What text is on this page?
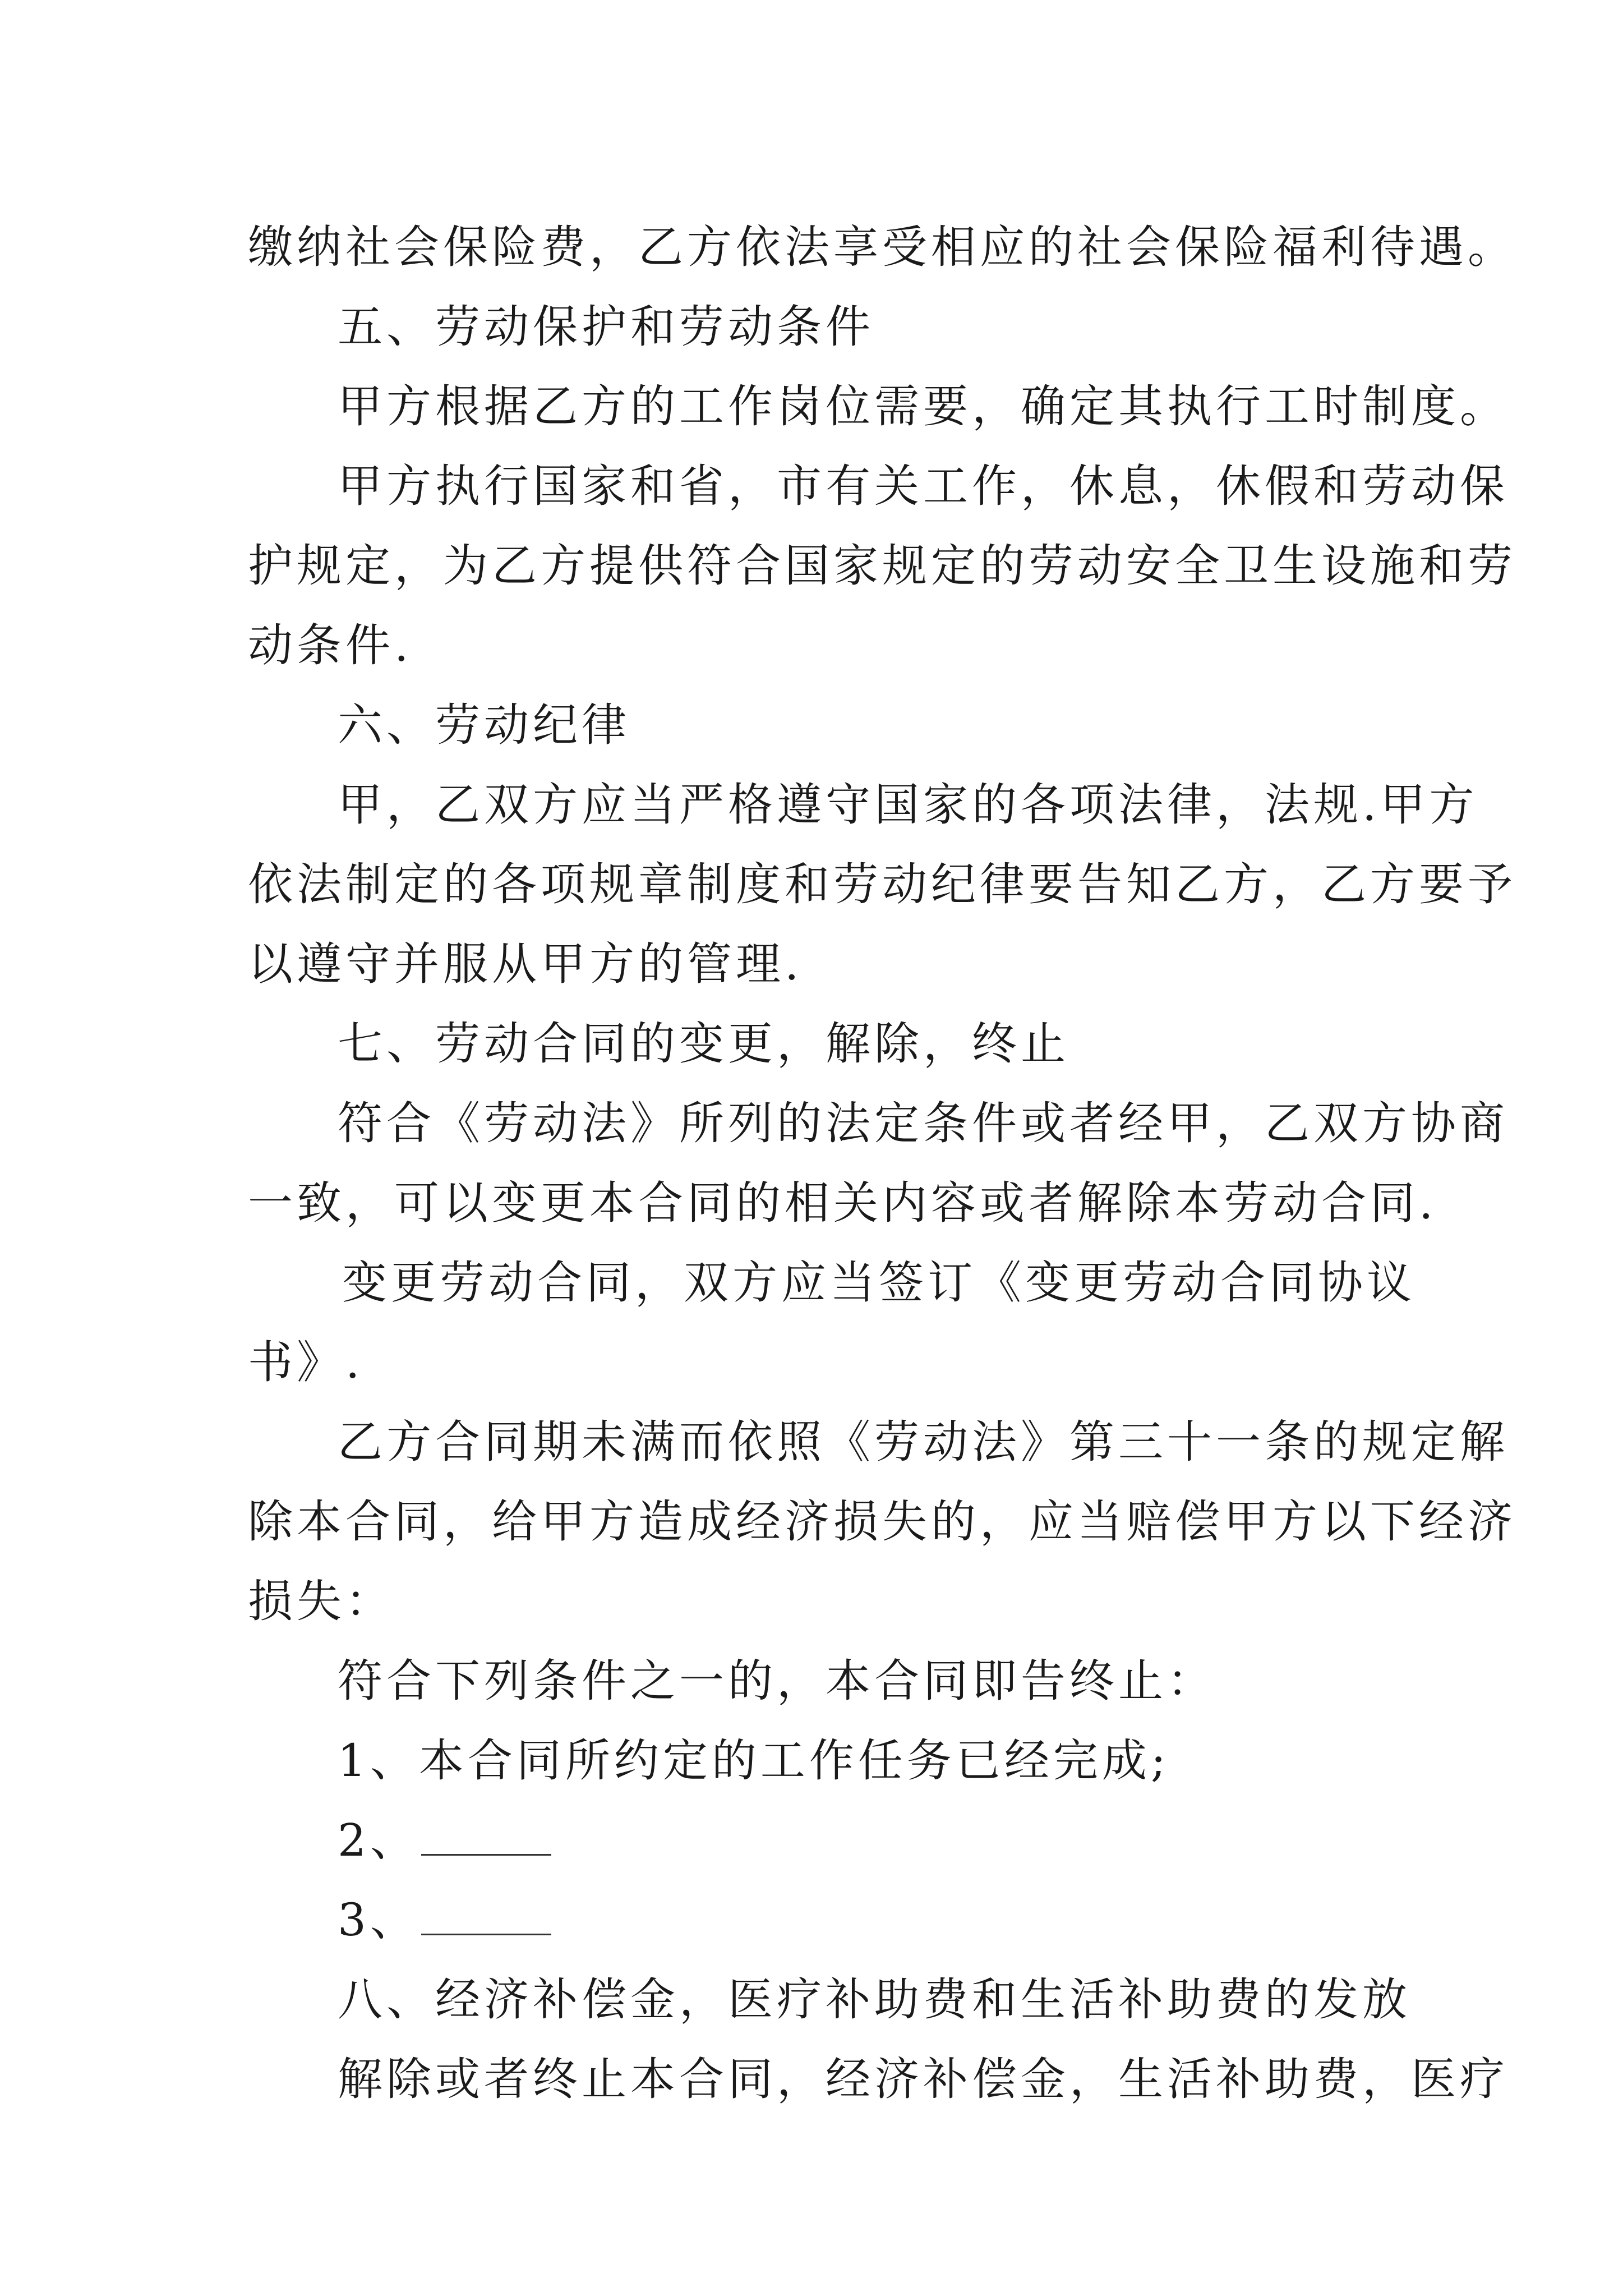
缴纳社会保险费，乙方依法享受相应的社会保险福利待遇。
五、劳动保护和劳动条件
甲方根据乙方的工作岗位需要，确定其执行工时制度。
甲方执行国家和省，市有关工作，休息，休假和劳动保
护规定，为乙方提供符合国家规定的劳动安全卫生设施和劳
动条件.
六、劳动纪律
甲，乙双方应当严格遵守国家的各项法律，法规.甲方
依法制定的各项规章制度和劳动纪律要告知乙方，乙方要予
以遵守并服从甲方的管理.
七、劳动合同的变更，解除，终止
符合《劳动法》所列的法定条件或者经甲，乙双方协商
一致，可以变更本合同的相关内容或者解除本劳动合同.
变更劳动合同，双方应当签订《变更劳动合同协议
书》.
乙方合同期未满而依照《劳动法》第三十一条的规定解
除本合同，给甲方造成经济损失的，应当赔偿甲方以下经济
损失：
符合下列条件之一的，本合同即告终止：
1、本合同所约定的工作任务已经完成;
2、
3、
八、经济补偿金，医疗补助费和生活补助费的发放
解除或者终止本合同，经济补偿金，生活补助费，医疗
